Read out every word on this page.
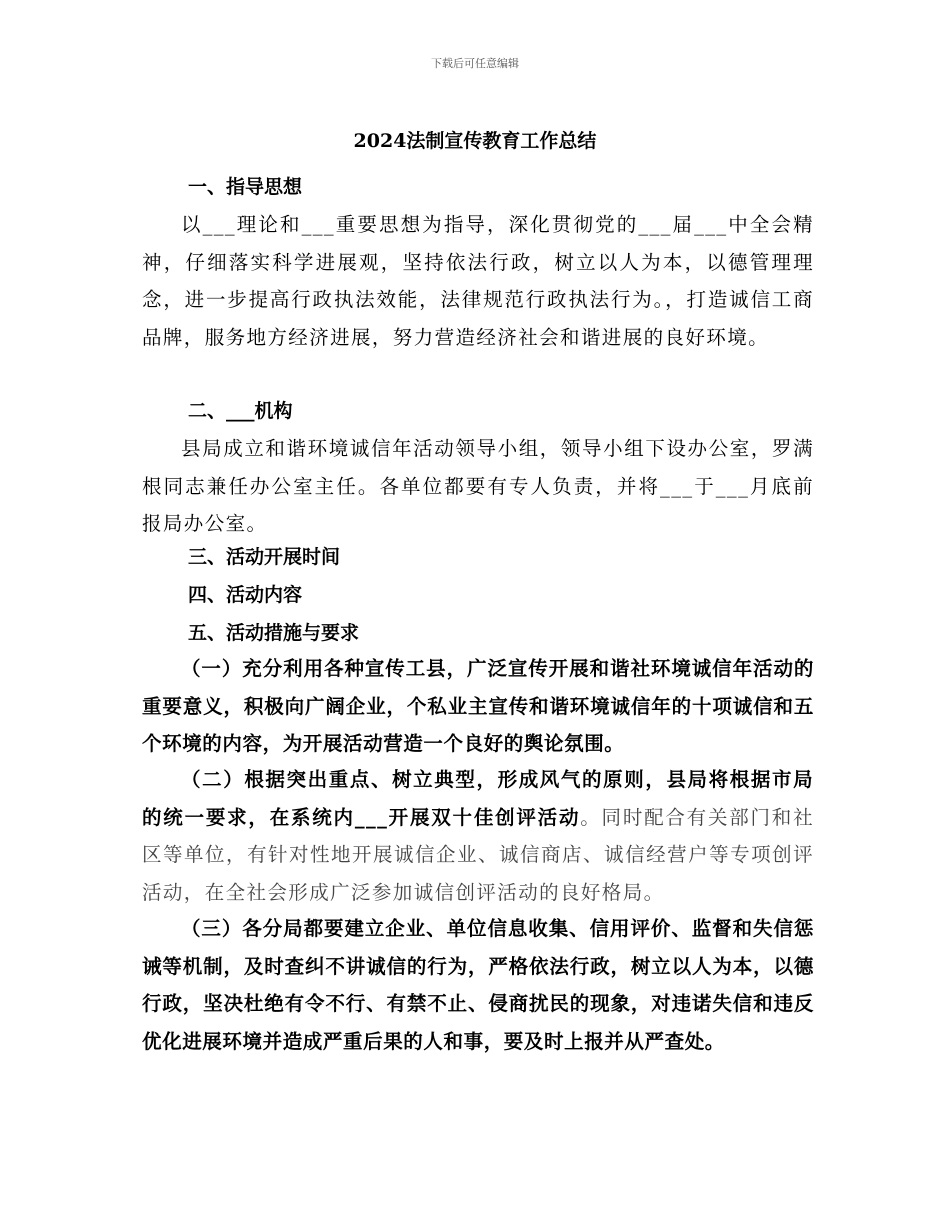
下载后可任意编辑
2024法制宣传教育工作总结
一、指导思想
以___理论和___重要思想为指导，深化贯彻党的___届___中全会精神，仔细落实科学进展观，坚持依法行政，树立以人为本，以德管理理念，进一步提高行政执法效能，法律规范行政执法行为。，打造诚信工商品牌，服务地方经济进展，努力营造经济社会和谐进展的良好环境。
二、___机构
县局成立和谐环境诚信年活动领导小组，领导小组下设办公室，罗满根同志兼任办公室主任。各单位都要有专人负责，并将___于___月底前报局办公室。
三、活动开展时间
四、活动内容
五、活动措施与要求
（一）充分利用各种宣传工县，广泛宣传开展和谐社环境诚信年活动的重要意义，积极向广阔企业，个私业主宣传和谐环境诚信年的十项诚信和五个环境的内容，为开展活动营造一个良好的舆论氛围。
（二）根据突出重点、树立典型，形成风气的原则，县局将根据市局的统一要求，在系统内___开展双十佳创评活动。同时配合有关部门和社区等单位，有针对性地开展诚信企业、诚信商店、诚信经营户等专项创评活动，在全社会形成广泛参加诚信创评活动的良好格局。
（三）各分局都要建立企业、单位信息收集、信用评价、监督和失信惩诫等机制，及时查纠不讲诚信的行为，严格依法行政，树立以人为本，以德行政，坚决杜绝有令不行、有禁不止、侵商扰民的现象，对违诺失信和违反优化进展环境并造成严重后果的人和事，要及时上报并从严查处。
